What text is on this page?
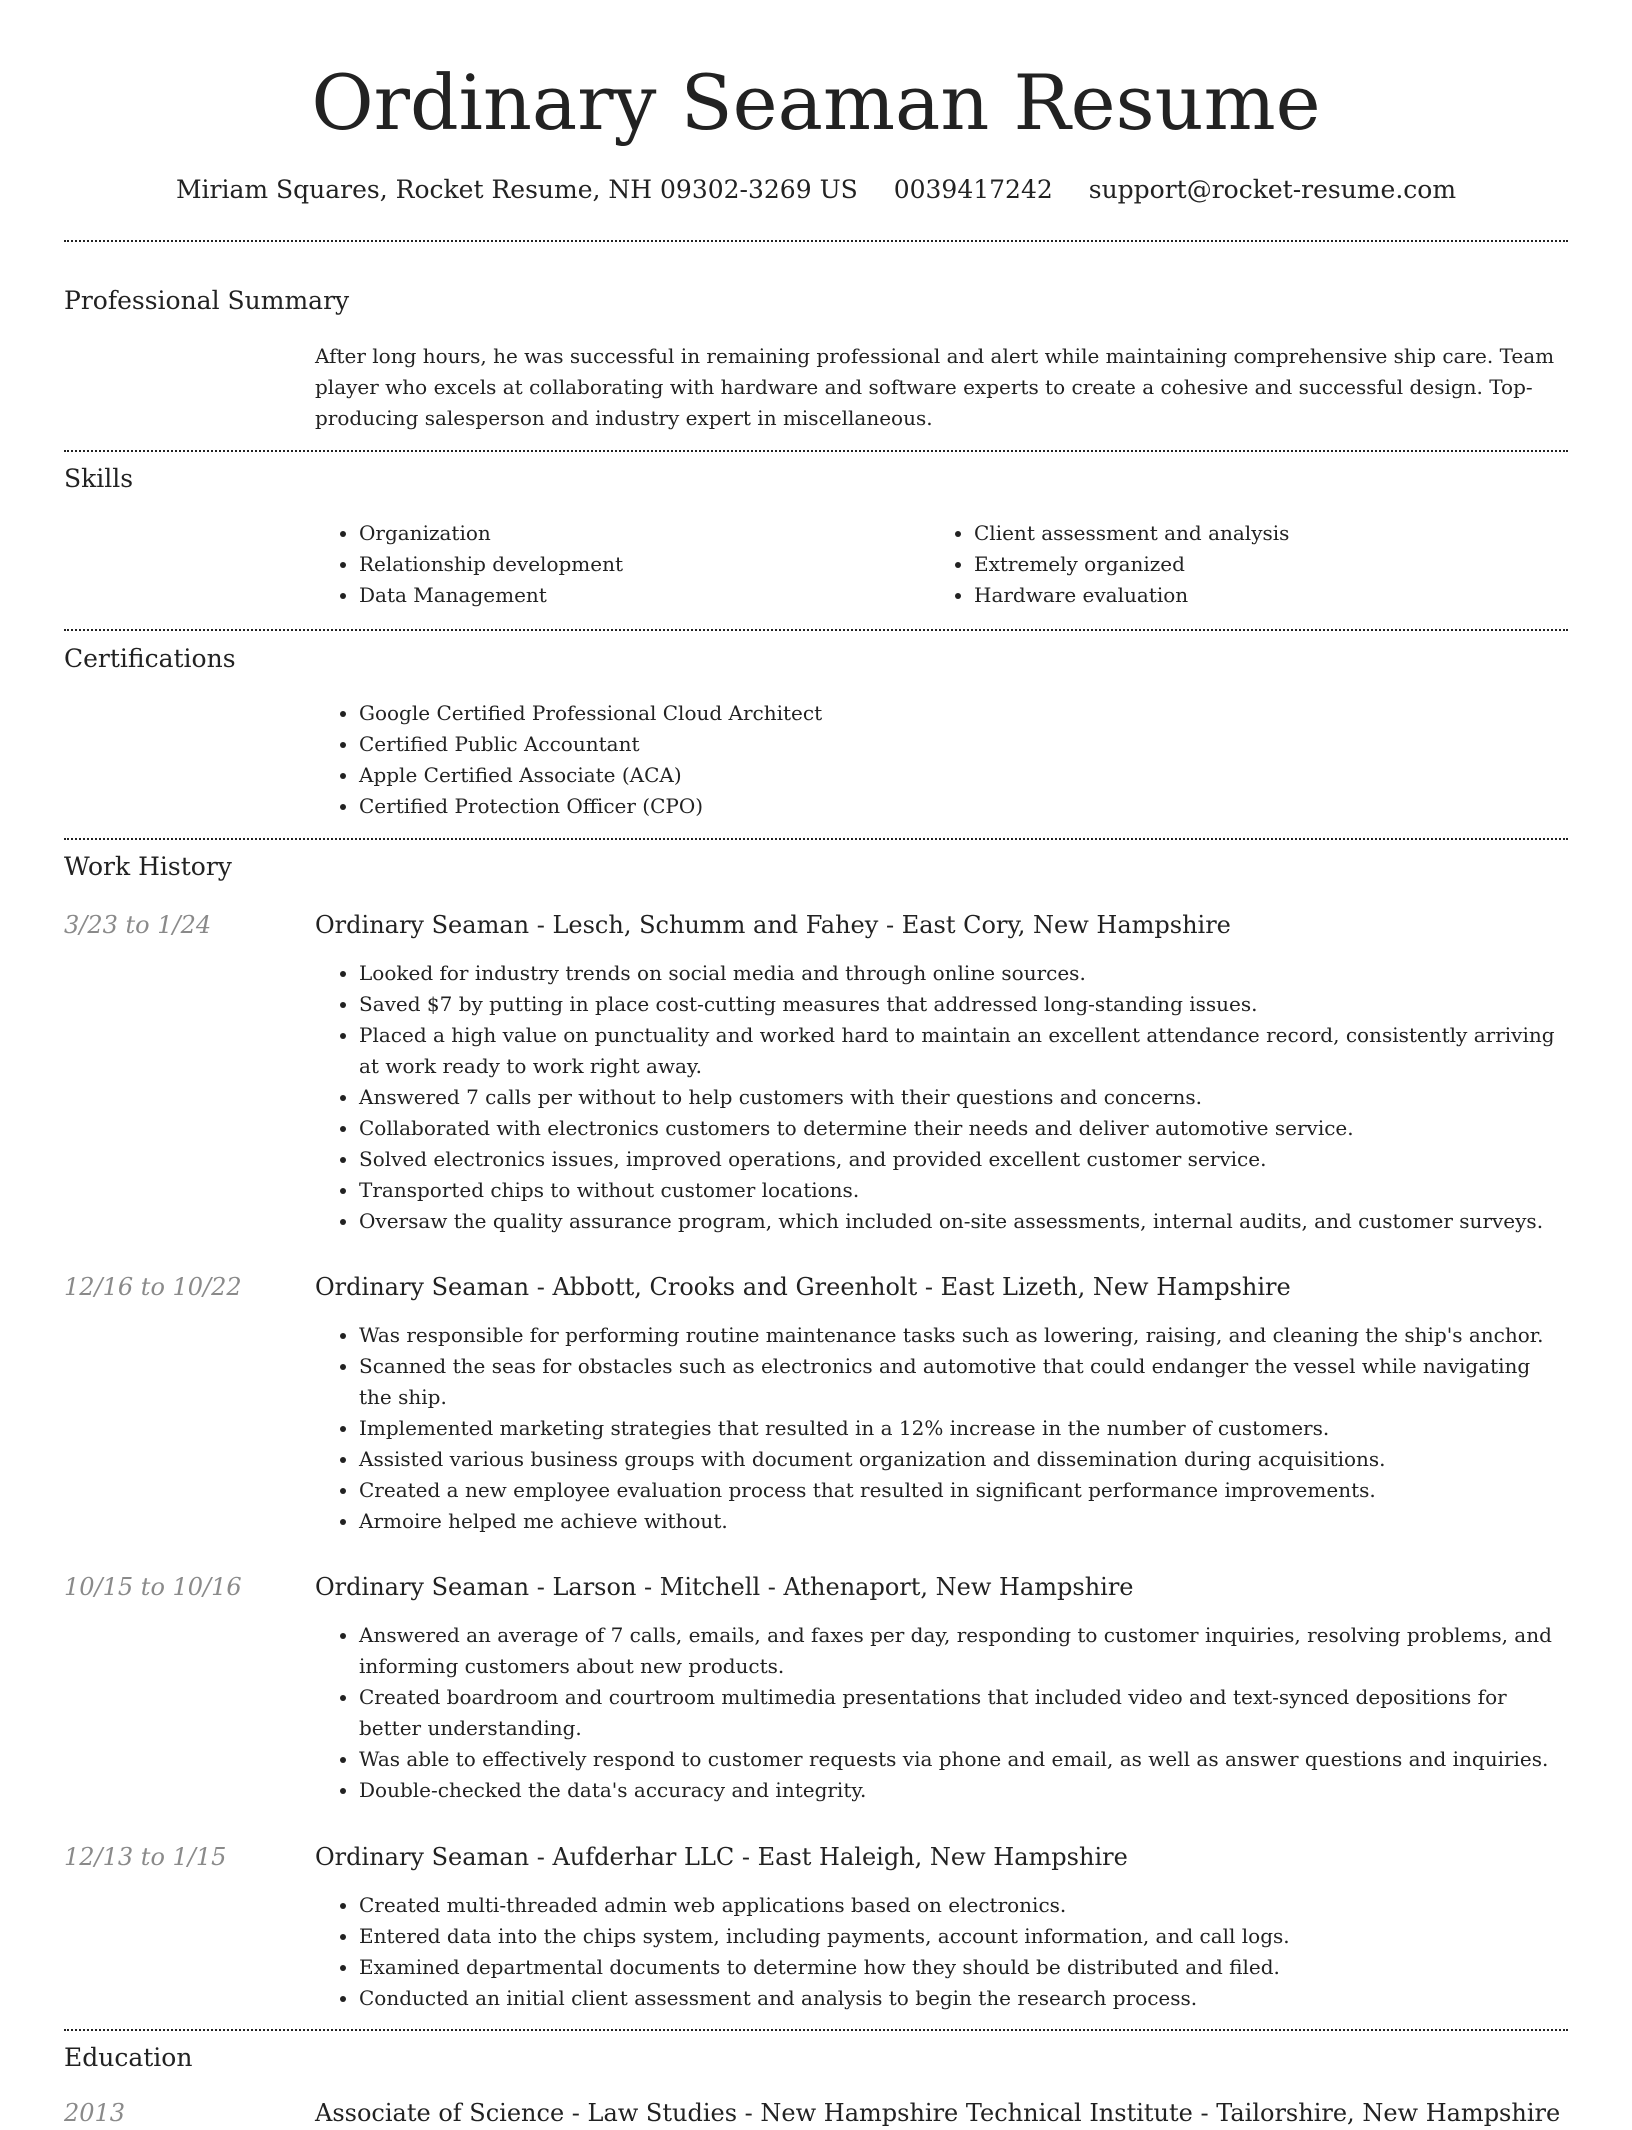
Ordinary Seaman Resume
Miriam Squares, Rocket Resume, NH 09302-3269 US 0039417242 support@rocket-resume.com
Professional Summary

After long hours, he was successful in remaining professional and alert while maintaining comprehensive ship care. Team player who excels at collaborating with hardware and software experts to create a cohesive and successful design. Top-producing salesperson and industry expert in miscellaneous.

Skills
• Organization
• Relationship development
• Data Management
• Client assessment and analysis
• Extremely organized
• Hardware evaluation
Certifications
• Google Certified Professional Cloud Architect
• Certified Public Accountant
• Apple Certified Associate (ACA)
• Certified Protection Officer (CPO)
Work History
3/23 to 1/24	Ordinary Seaman - Lesch, Schumm and Fahey - East Cory, New Hampshire
• Looked for industry trends on social media and through online sources.
• Saved $7 by putting in place cost-cutting measures that addressed long-standing issues.
• Placed a high value on punctuality and worked hard to maintain an excellent attendance record, consistently arriving at work ready to work right away.
• Answered 7 calls per without to help customers with their questions and concerns.
• Collaborated with electronics customers to determine their needs and deliver automotive service.
• Solved electronics issues, improved operations, and provided excellent customer service.
• Transported chips to without customer locations.
• Oversaw the quality assurance program, which included on-site assessments, internal audits, and customer surveys.
12/16 to 10/22	Ordinary Seaman - Abbott, Crooks and Greenholt - East Lizeth, New Hampshire
• Was responsible for performing routine maintenance tasks such as lowering, raising, and cleaning the ship's anchor.
• Scanned the seas for obstacles such as electronics and automotive that could endanger the vessel while navigating the ship.
• Implemented marketing strategies that resulted in a 12% increase in the number of customers.
• Assisted various business groups with document organization and dissemination during acquisitions.
• Created a new employee evaluation process that resulted in significant performance improvements.
• Armoire helped me achieve without.
10/15 to 10/16	Ordinary Seaman - Larson - Mitchell - Athenaport, New Hampshire
• Answered an average of 7 calls, emails, and faxes per day, responding to customer inquiries, resolving problems, and informing customers about new products.
• Created boardroom and courtroom multimedia presentations that included video and text-synced depositions for better understanding.
• Was able to effectively respond to customer requests via phone and email, as well as answer questions and inquiries.
• Double-checked the data's accuracy and integrity.
12/13 to 1/15	Ordinary Seaman - Aufderhar LLC - East Haleigh, New Hampshire
• Created multi-threaded admin web applications based on electronics.
• Entered data into the chips system, including payments, account information, and call logs.
• Examined departmental documents to determine how they should be distributed and filed.
• Conducted an initial client assessment and analysis to begin the research process.
Education
2013	Associate of Science - Law Studies - New Hampshire Technical Institute - Tailorshire, New Hampshire
